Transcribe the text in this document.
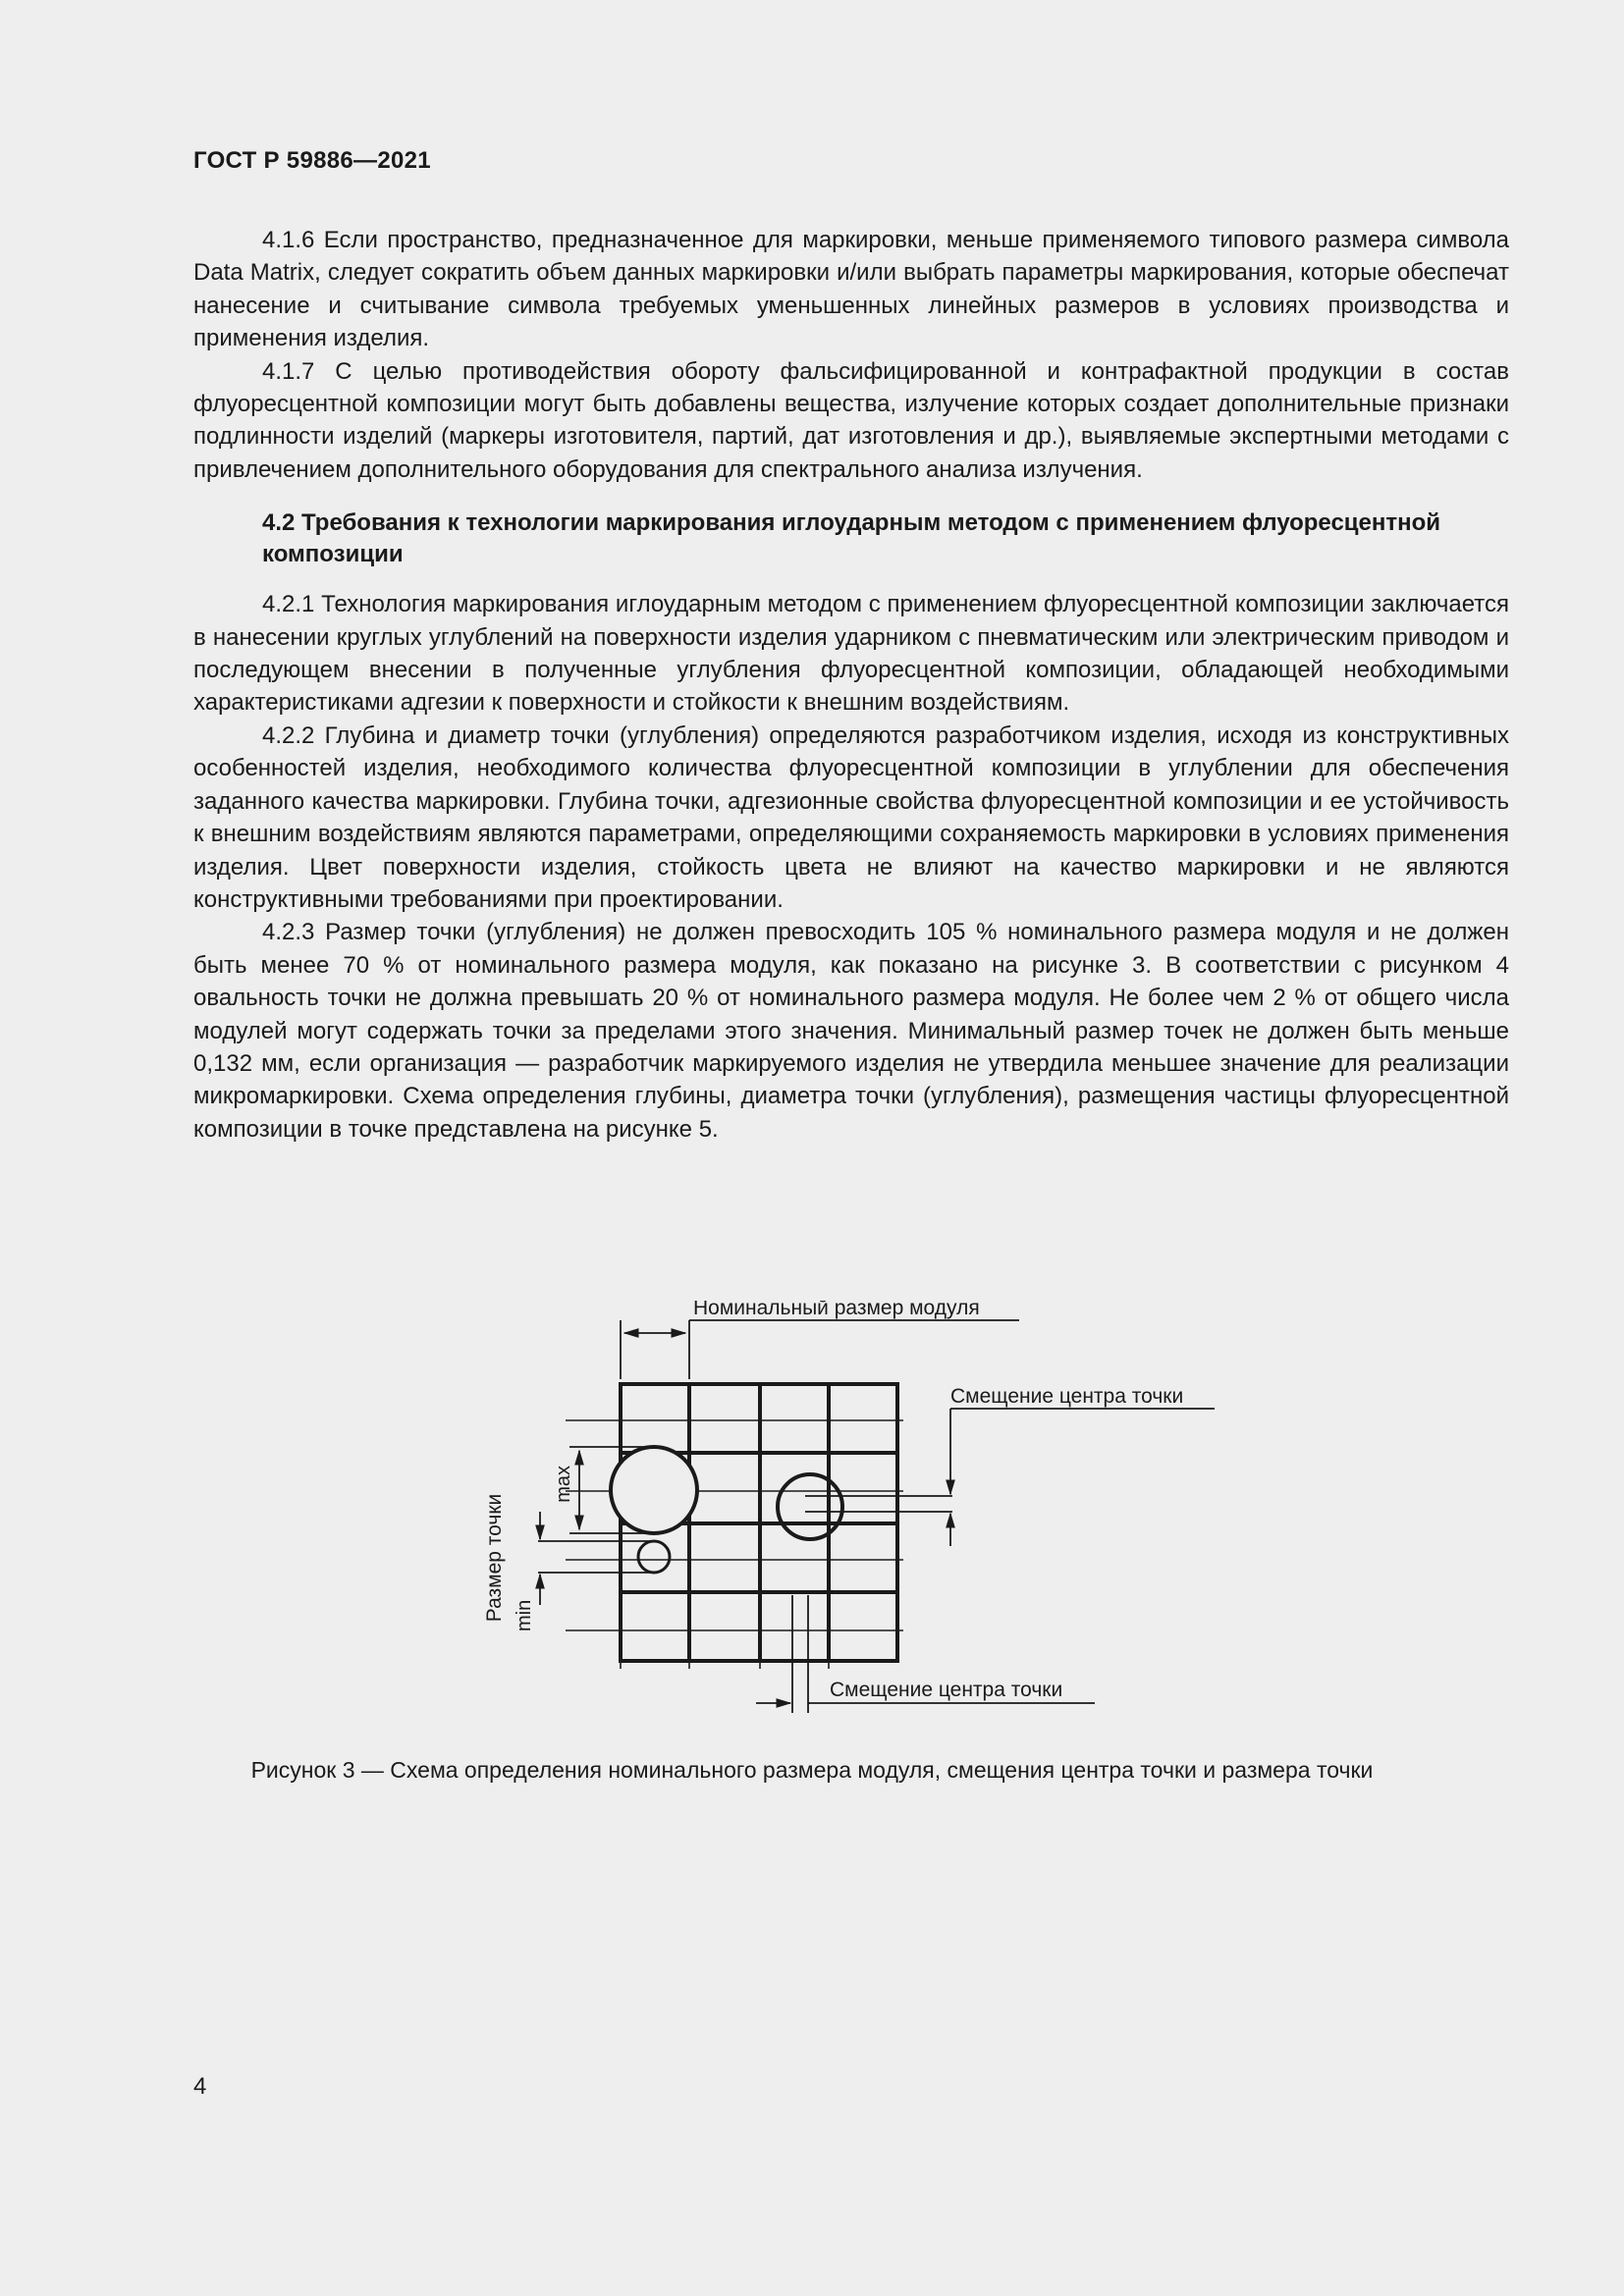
ГОСТ Р 59886—2021

4.1.6 Если пространство, предназначенное для маркировки, меньше применяемого типового размера символа Data Matrix, следует сократить объем данных маркировки и/или выбрать параметры маркирования, которые обеспечат нанесение и считывание символа требуемых уменьшенных линейных размеров в условиях производства и применения изделия.

4.1.7 С целью противодействия обороту фальсифицированной и контрафактной продукции в состав флуоресцентной композиции могут быть добавлены вещества, излучение которых создает дополнительные признаки подлинности изделий (маркеры изготовителя, партий, дат изготовления и др.), выявляемые экспертными методами с привлечением дополнительного оборудования для спектрального анализа излучения.

4.2 Требования к технологии маркирования иглоударным методом с применением флуоресцентной композиции

4.2.1 Технология маркирования иглоударным методом с применением флуоресцентной композиции заключается в нанесении круглых углублений на поверхности изделия ударником с пневматическим или электрическим приводом и последующем внесении в полученные углубления флуоресцентной композиции, обладающей необходимыми характеристиками адгезии к поверхности и стойкости к внешним воздействиям.

4.2.2 Глубина и диаметр точки (углубления) определяются разработчиком изделия, исходя из конструктивных особенностей изделия, необходимого количества флуоресцентной композиции в углублении для обеспечения заданного качества маркировки. Глубина точки, адгезионные свойства флуоресцентной композиции и ее устойчивость к внешним воздействиям являются параметрами, определяющими сохраняемость маркировки в условиях применения изделия. Цвет поверхности изделия, стойкость цвета не влияют на качество маркировки и не являются конструктивными требованиями при проектировании.

4.2.3 Размер точки (углубления) не должен превосходить 105 % номинального размера модуля и не должен быть менее 70 % от номинального размера модуля, как показано на рисунке 3. В соответствии с рисунком 4 овальность точки не должна превышать 20 % от номинального размера модуля. Не более чем 2 % от общего числа модулей могут содержать точки за пределами этого значения. Минимальный размер точек не должен быть меньше 0,132 мм, если организация — разработчик маркируемого изделия не утвердила меньшее значение для реализации микромаркировки. Схема определения глубины, диаметра точки (углубления), размещения частицы флуоресцентной композиции в точке представлена на рисунке 5.

Номинальный размер модуля
Смещение центра точки
Смещение центра точки
max
min
Размер точки
Рисунок 3 — Схема определения номинального размера модуля, смещения центра точки и размера точки
4
